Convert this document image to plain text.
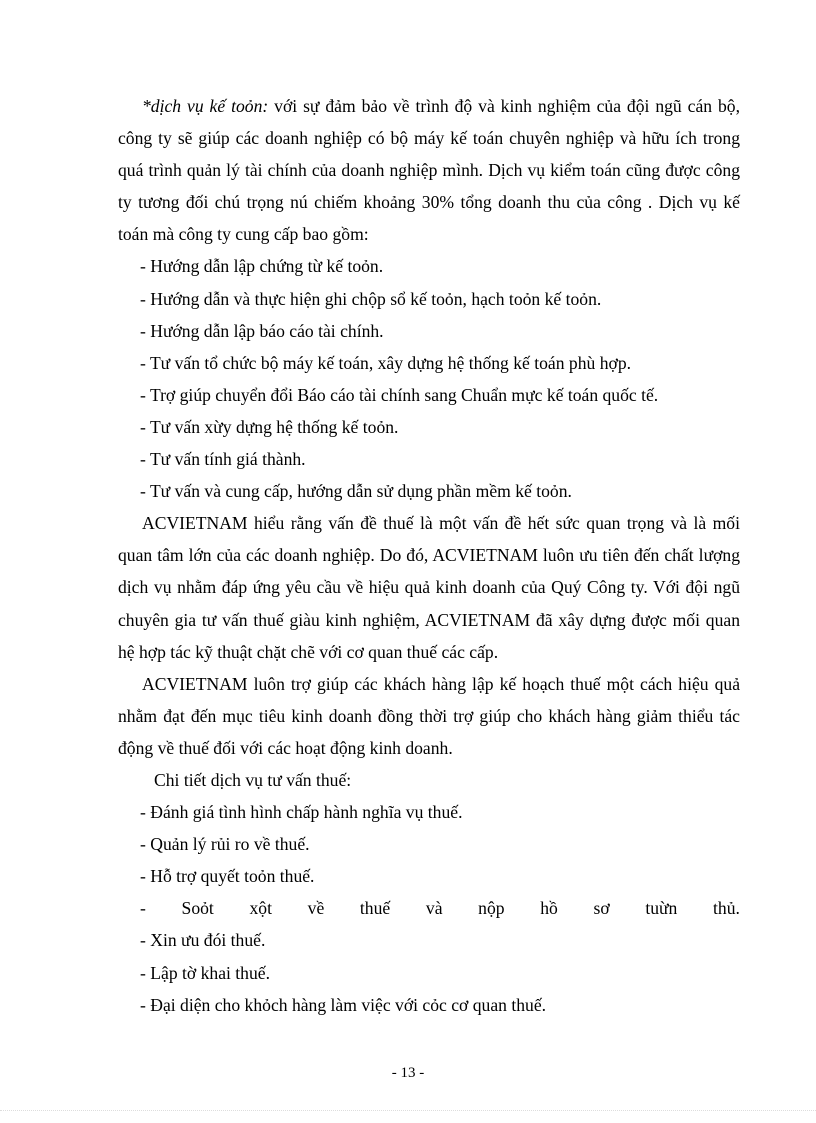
*dịch vụ kế toỏn: với sự đảm bảo về trình độ và kinh nghiệm của đội ngũ cán bộ, công ty sẽ giúp các doanh nghiệp có bộ máy kế toán chuyên nghiệp và hữu ích trong quá trình quản lý tài chính của doanh nghiệp mình. Dịch vụ kiểm toán cũng được công ty tương đối chú trọng nú chiếm khoảng 30% tổng doanh thu của công . Dịch vụ kế toán mà công ty cung cấp bao gồm:

- Hướng dẫn lập chứng từ kế toỏn.

- Hướng dẫn và thực hiện ghi chộp sổ kế toỏn, hạch toỏn kế toỏn.

- Hướng dẫn lập báo cáo tài chính.

- Tư vấn tổ chức bộ máy kế toán, xây dựng hệ thống kế toán phù hợp.

- Trợ giúp chuyển đổi Báo cáo tài chính sang Chuẩn mực kế toán quốc tế.

- Tư vấn xừy dựng hệ thống kế toỏn.

- Tư vấn tính giá thành.

- Tư vấn và cung cấp, hướng dẫn sử dụng phần mềm kế toỏn.

ACVIETNAM hiểu rằng vấn đề thuế là một vấn đề hết sức quan trọng và là mối quan tâm lớn của các doanh nghiệp. Do đó, ACVIETNAM luôn ưu tiên đến chất lượng dịch vụ nhằm đáp ứng yêu cầu về hiệu quả kinh doanh của Quý Công ty. Với đội ngũ chuyên gia tư vấn thuế giàu kinh nghiệm, ACVIETNAM đã xây dựng được mối quan hệ hợp tác kỹ thuật chặt chẽ với cơ quan thuế các cấp.

ACVIETNAM luôn trợ giúp các khách hàng lập kế hoạch thuế một cách hiệu quả nhằm đạt đến mục tiêu kinh doanh đồng thời trợ giúp cho khách hàng giảm thiểu tác động về thuế đối với các hoạt động kinh doanh.

Chi tiết dịch vụ tư vấn thuế:

- Đánh giá tình hình chấp hành nghĩa vụ thuế.

- Quản lý rủi ro về thuế.

- Hỗ trợ quyết toỏn thuế.

- Soỏt xột về thuế và nộp hồ sơ tuừn thủ.

- Xin ưu đói thuế.

- Lập tờ khai thuế.

- Đại diện cho khỏch hàng làm việc với cỏc cơ quan thuế.

- 13 -
